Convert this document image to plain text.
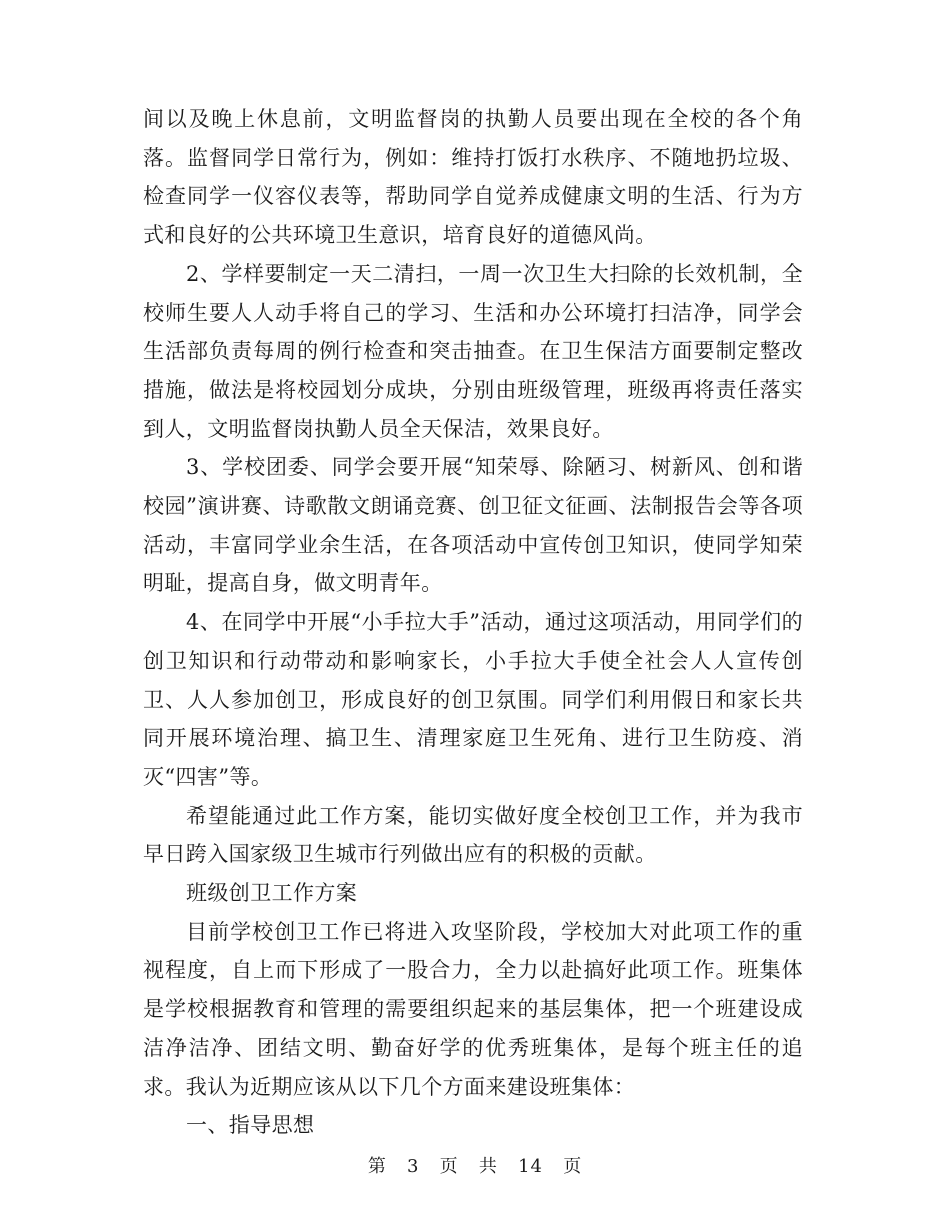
间以及晚上休息前，文明监督岗的执勤人员要出现在全校的各个角落。监督同学日常行为，例如：维持打饭打水秩序、不随地扔垃圾、检查同学一仪容仪表等，帮助同学自觉养成健康文明的生活、行为方式和良好的公共环境卫生意识，培育良好的道德风尚。

2、学样要制定一天二清扫，一周一次卫生大扫除的长效机制，全校师生要人人动手将自己的学习、生活和办公环境打扫洁净，同学会生活部负责每周的例行检查和突击抽查。在卫生保洁方面要制定整改措施，做法是将校园划分成块，分别由班级管理，班级再将责任落实到人，文明监督岗执勤人员全天保洁，效果良好。

3、学校团委、同学会要开展“知荣辱、除陋习、树新风、创和谐校园”演讲赛、诗歌散文朗诵竞赛、创卫征文征画、法制报告会等各项活动，丰富同学业余生活，在各项活动中宣传创卫知识，使同学知荣明耻，提高自身，做文明青年。

4、在同学中开展“小手拉大手”活动，通过这项活动，用同学们的创卫知识和行动带动和影响家长，小手拉大手使全社会人人宣传创卫、人人参加创卫，形成良好的创卫氛围。同学们利用假日和家长共同开展环境治理、搞卫生、清理家庭卫生死角、进行卫生防疫、消灭“四害”等。

希望能通过此工作方案，能切实做好度全校创卫工作，并为我市早日跨入国家级卫生城市行列做出应有的积极的贡献。

班级创卫工作方案

目前学校创卫工作已将进入攻坚阶段，学校加大对此项工作的重视程度，自上而下形成了一股合力，全力以赴搞好此项工作。班集体是学校根据教育和管理的需要组织起来的基层集体，把一个班建设成洁净洁净、团结文明、勤奋好学的优秀班集体，是每个班主任的追求。我认为近期应该从以下几个方面来建设班集体：

一、指导思想

第 3 页 共 14 页
